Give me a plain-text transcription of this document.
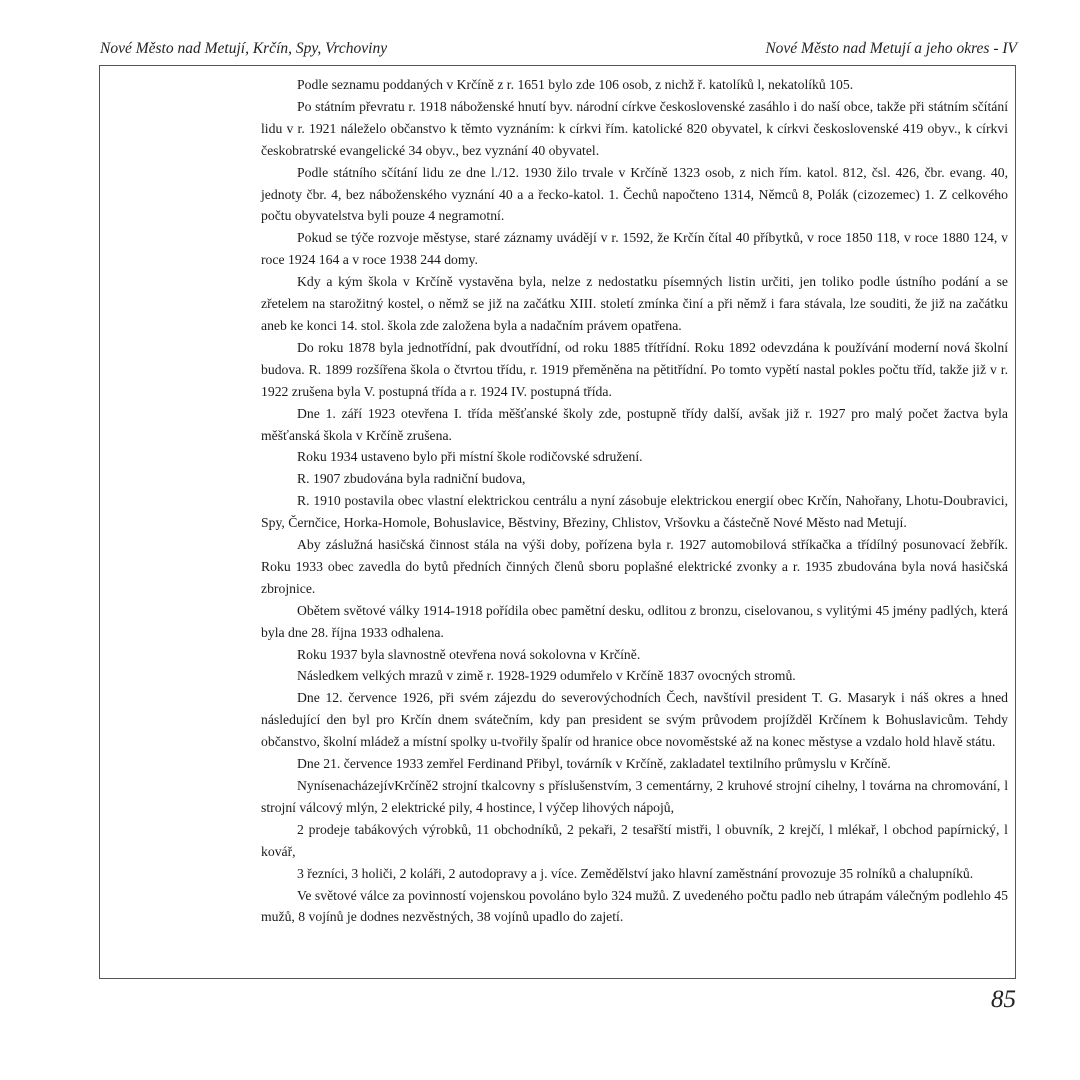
Nové Město nad Metují, Krčín, Spy, Vrchoviny	Nové Město nad Metují a jeho okres - IV

Podle seznamu poddaných v Krčíně z r. 1651 bylo zde 106 osob, z nichž ř. katolíků l, nekatolíků 105.

Po státním převratu r. 1918 náboženské hnutí byv. národní církve československé zasáhlo i do naší obce, takže při státním sčítání lidu v r. 1921 náleželo občanstvo k těmto vyznáním: k církvi řím. katolické 820 obyvatel, k církvi československé 419 obyv., k církvi českobratrské evangelické 34 obyv., bez vyznání 40 obyvatel.

Podle státního sčítání lidu ze dne l./12. 1930 žilo trvale v Krčíně 1323 osob, z nich řím. katol. 812, čsl. 426, čbr. evang. 40, jednoty čbr. 4, bez náboženského vyznání 40 a a řecko-katol. 1. Čechů napočteno 1314, Němců 8, Polák (cizozemec) 1. Z celkového počtu obyvatelstva byli pouze 4 negramotní.

Pokud se týče rozvoje městyse, staré záznamy uvádějí v r. 1592, že Krčín čítal 40 příbytků, v roce 1850 118, v roce 1880 124, v roce 1924 164 a v roce 1938 244 domy.

Kdy a kým škola v Krčíně vystavěna byla, nelze z nedostatku písemných listin určiti, jen toliko podle ústního podání a se zřetelem na starožitný kostel, o němž se již na začátku XIII. století zmínka činí a při němž i fara stávala, lze souditi, že již na začátku aneb ke konci 14. stol. škola zde založena byla a nadačním právem opatřena.

Do roku 1878 byla jednotřídní, pak dvoutřídní, od roku 1885 třítřídní. Roku 1892 odevzdána k používání moderní nová školní budova. R. 1899 rozšířena škola o čtvrtou třídu, r. 1919 přeměněna na pětitřídní. Po tomto vypětí nastal pokles počtu tříd, takže již v r. 1922 zrušena byla V. postupná třída a r. 1924 IV. postupná třída.

Dne 1. září 1923 otevřena I. třída měšťanské školy zde, postupně třídy další, avšak již r. 1927 pro malý počet žactva byla měšťanská škola v Krčíně zrušena.

Roku 1934 ustaveno bylo při místní škole rodičovské sdružení.

R. 1907 zbudována byla radniční budova,

R. 1910 postavila obec vlastní elektrickou centrálu a nyní zásobuje elektrickou energií obec Krčín, Nahořany, Lhotu-Doubravici, Spy, Černčice, Horka-Homole, Bohuslavice, Běstviny, Březiny, Chlistov, Vršovku a částečně Nové Město nad Metují.

Aby záslužná hasičská činnost stála na výši doby, pořízena byla r. 1927 automobilová stříkačka a třídílný posunovací žebřík. Roku 1933 obec zavedla do bytů předních činných členů sboru poplašné elektrické zvonky a r. 1935 zbudována byla nová hasičská zbrojnice.

Obětem světové války 1914-1918 pořídila obec pamětní desku, odlitou z bronzu, ciselovanou, s vylitými 45 jmény padlých, která byla dne 28. října 1933 odhalena.

Roku 1937 byla slavnostně otevřena nová sokolovna v Krčíně.

Následkem velkých mrazů v zimě r. 1928-1929 odumřelo v Krčíně 1837 ovocných stromů.

Dne 12. července 1926, při svém zájezdu do severovýchodních Čech, navštívil president T. G. Masaryk i náš okres a hned následující den byl pro Krčín dnem svátečním, kdy pan president se svým průvodem projížděl Krčínem k Bohuslavicům. Tehdy občanstvo, školní mládež a místní spolky u-tvořily špalír od hranice obce novoměstské až na konec městyse a vzdalo hold hlavě státu.

Dne 21. července 1933 zemřel Ferdinand Přibyl, továrník v Krčíně, zakladatel textilního průmyslu v Krčíně.

NynísenacházejívKrčíně2 strojní tkalcovny s příslušenstvím, 3 cementárny, 2 kruhové strojní cihelny, l továrna na chromování, l strojní válcový mlýn, 2 elektrické pily, 4 hostince, l výčep lihových nápojů,

2 prodeje tabákových výrobků, 11 obchodníků, 2 pekaři, 2 tesařští mistři, l obuvník, 2 krejčí, l mlékař, l obchod papírnický, l kovář,

3 řezníci, 3 holiči, 2 koláři, 2 autodopravy a j. více. Zemědělství jako hlavní zaměstnání provozuje 35 rolníků a chalupníků.

Ve světové válce za povinností vojenskou povoláno bylo 324 mužů. Z uvedeného počtu padlo neb útrapám válečným podlehlo 45 mužů, 8 vojínů je dodnes nezvěstných, 38 vojínů upadlo do zajetí.

85
